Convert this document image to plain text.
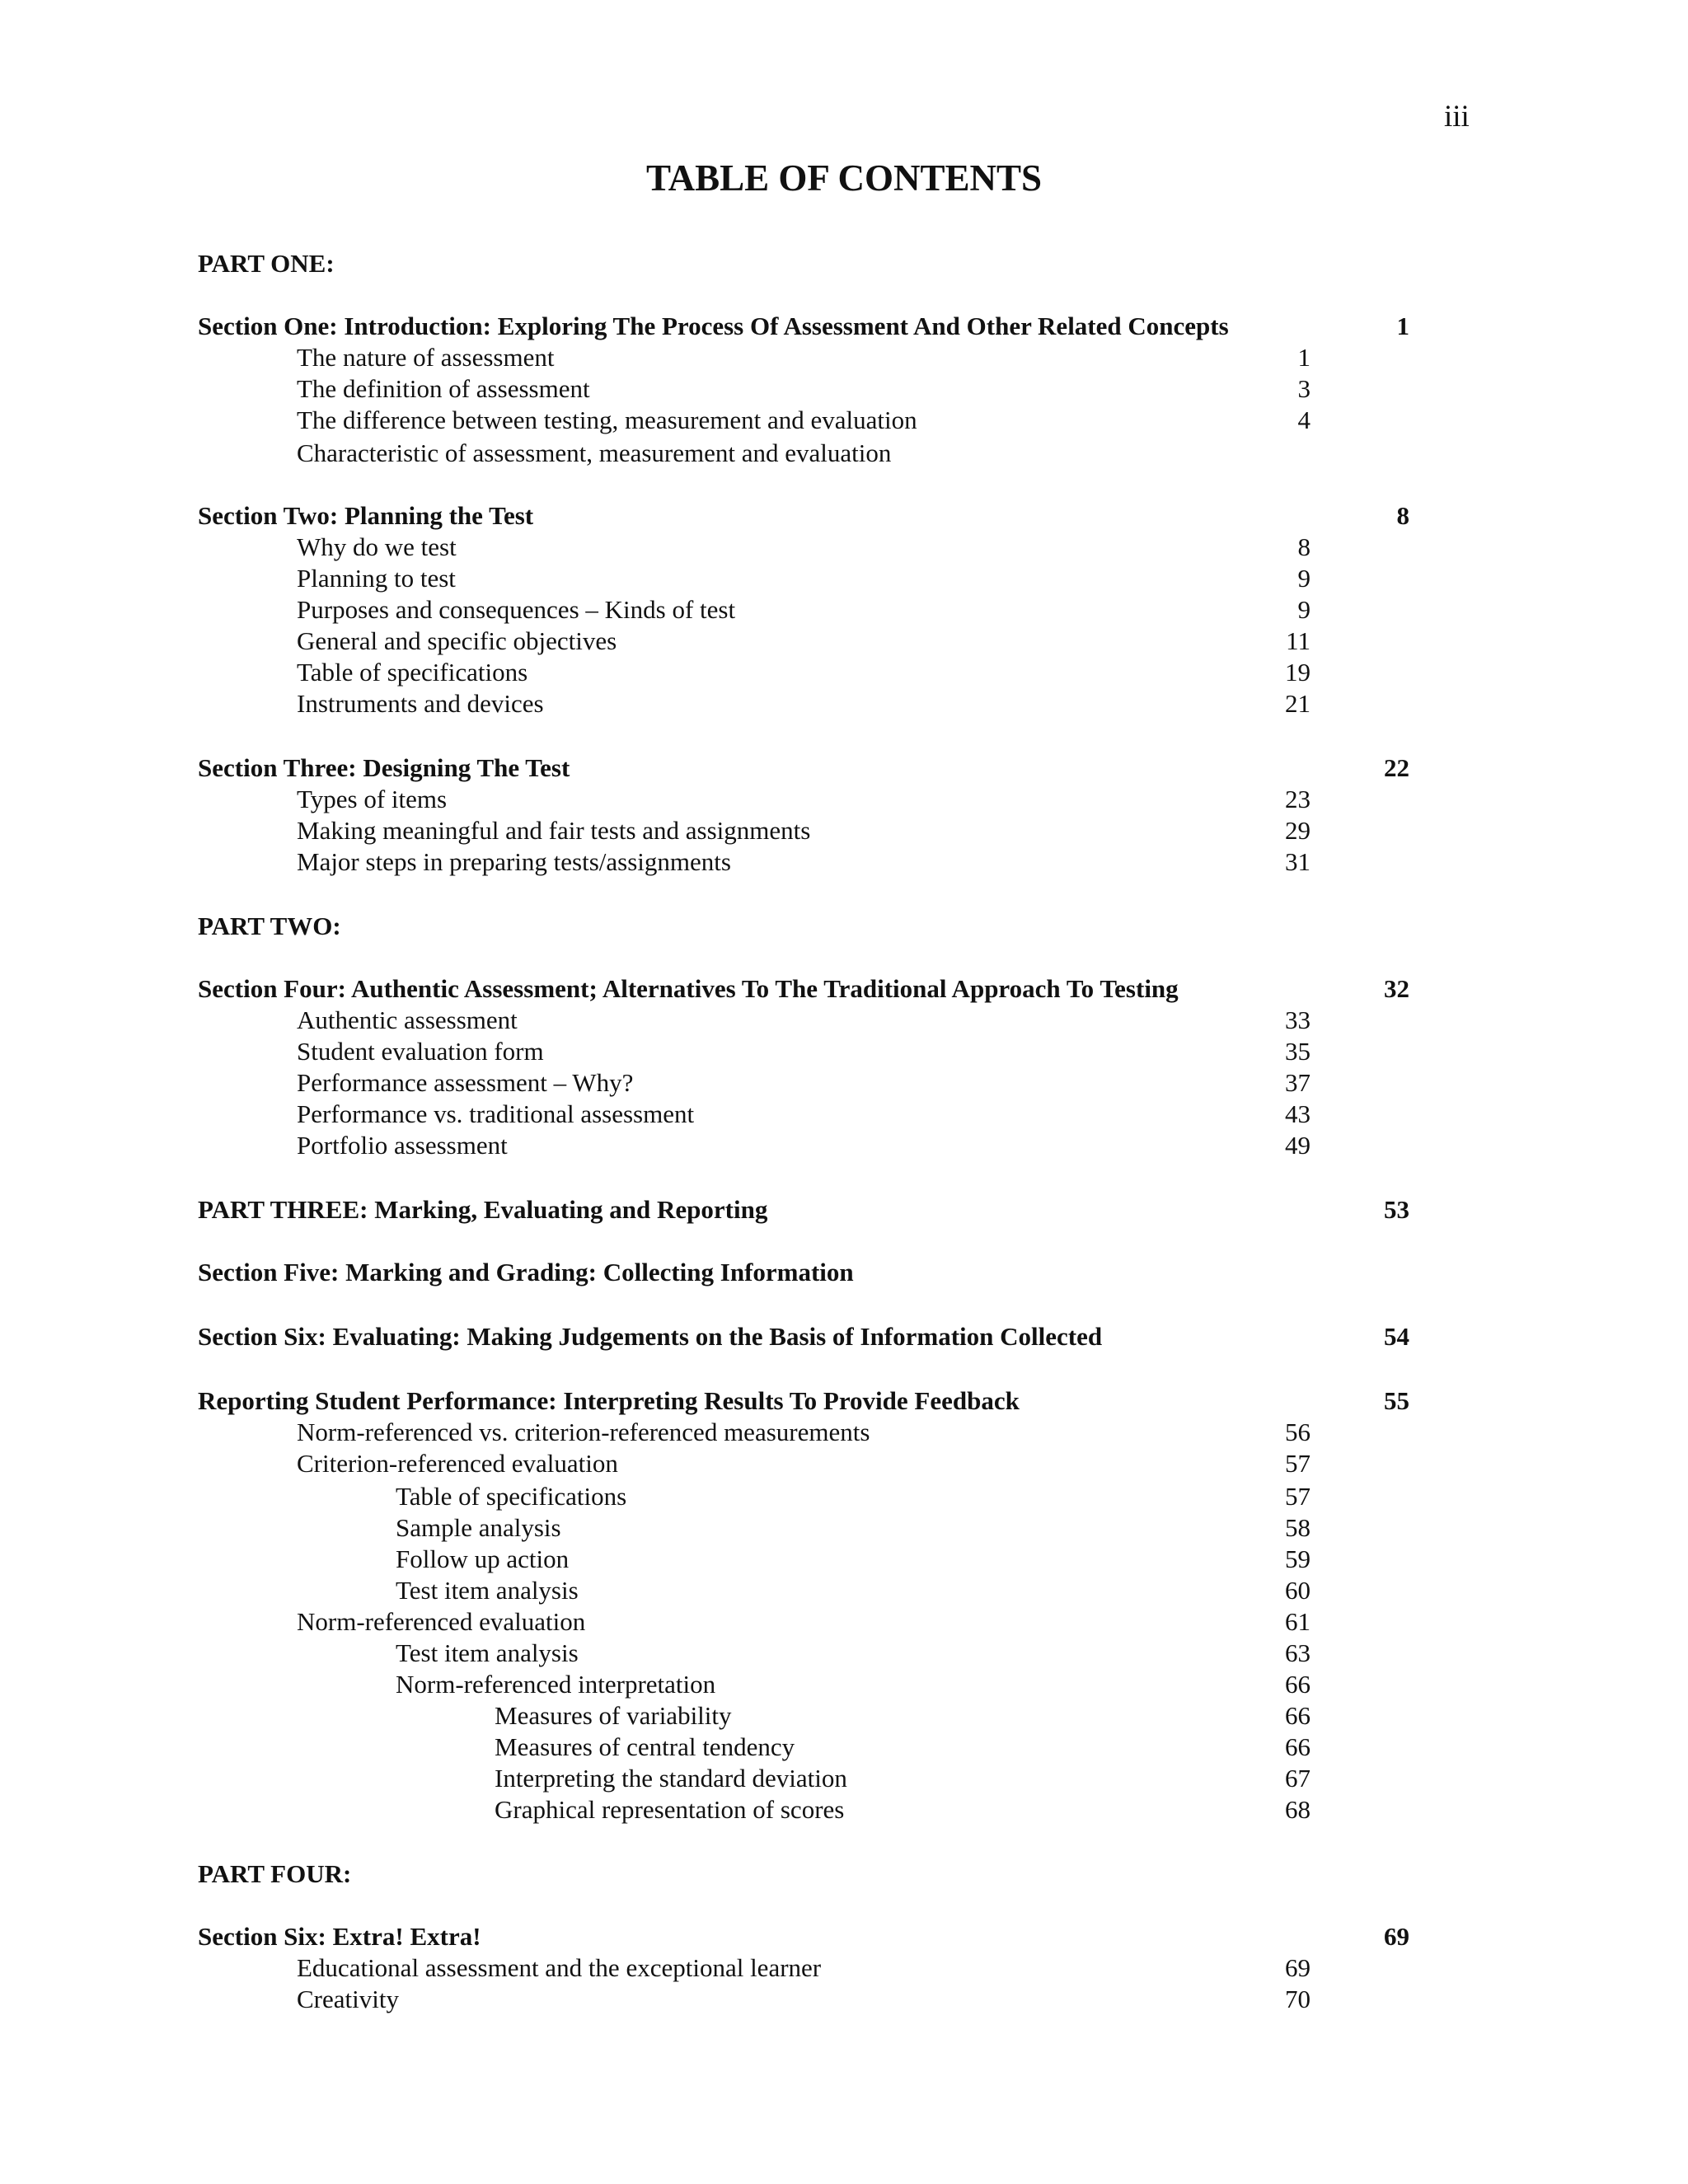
iii
TABLE OF CONTENTS
PART ONE:
Section One: Introduction: Exploring The Process Of Assessment And Other Related Concepts	1
The nature of assessment	1
The definition of assessment	3
The difference between testing, measurement and evaluation	4
Characteristic of assessment, measurement and evaluation
Section Two: Planning the Test	8
Why do we test	8
Planning to test	9
Purposes and consequences – Kinds of test	9
General and specific objectives	11
Table of specifications	19
Instruments and devices	21
Section Three: Designing The Test	22
Types of items	23
Making meaningful and fair tests and assignments	29
Major steps in preparing tests/assignments	31
PART TWO:
Section Four: Authentic Assessment; Alternatives To The Traditional Approach To Testing	32
Authentic assessment	33
Student evaluation form	35
Performance assessment – Why?	37
Performance vs. traditional assessment	43
Portfolio assessment	49
PART THREE: Marking, Evaluating and Reporting	53
Section Five: Marking and Grading: Collecting Information
Section Six: Evaluating: Making Judgements on the Basis of Information Collected	54
Reporting Student Performance: Interpreting Results To Provide Feedback	55
Norm-referenced vs. criterion-referenced measurements	56
Criterion-referenced evaluation	57
Table of specifications	57
Sample analysis	58
Follow up action	59
Test item analysis	60
Norm-referenced evaluation	61
Test item analysis	63
Norm-referenced interpretation	66
Measures of variability	66
Measures of central tendency	66
Interpreting the standard deviation	67
Graphical representation of scores	68
PART FOUR:
Section Six: Extra! Extra!	69
Educational assessment and the exceptional learner	69
Creativity	70
